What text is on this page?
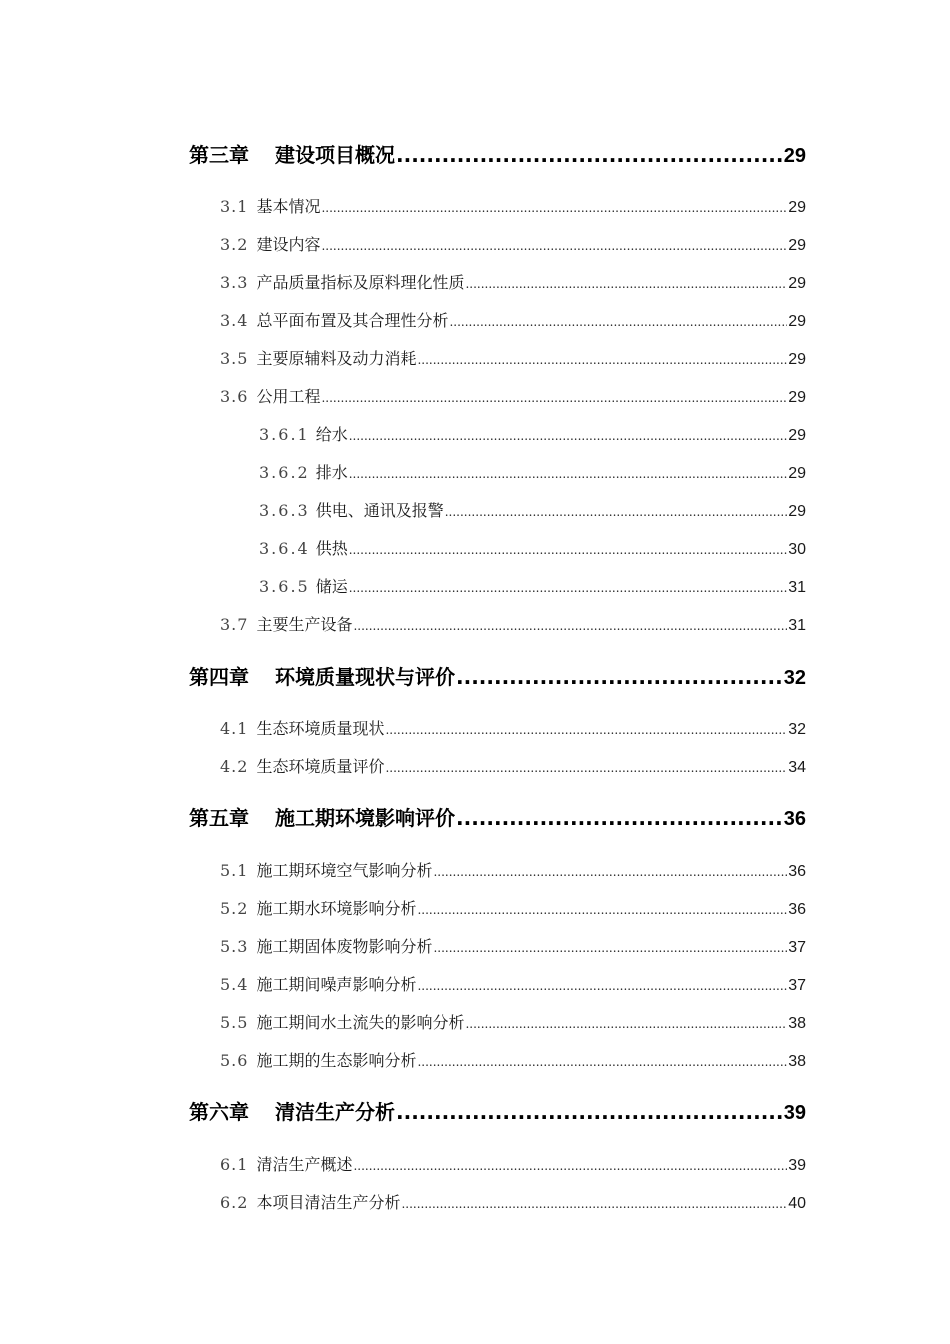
第三章 建设项目概况 .....	29
3.1 基本情况 .....	29
3.2 建设内容 .....	29
3.3 产品质量指标及原料理化性质 .....	29
3.4 总平面布置及其合理性分析 .....	29
3.5 主要原辅料及动力消耗 .....	29
3.6 公用工程 .....	29
3.6.1 给水 .....	29
3.6.2 排水 .....	29
3.6.3 供电、通讯及报警 .....	29
3.6.4 供热 .....	30
3.6.5 储运 .....	31
3.7 主要生产设备 .....	31
第四章 环境质量现状与评价 .....	32
4.1 生态环境质量现状 .....	32
4.2 生态环境质量评价 .....	34
第五章 施工期环境影响评价 .....	36
5.1 施工期环境空气影响分析 .....	36
5.2 施工期水环境影响分析 .....	36
5.3 施工期固体废物影响分析 .....	37
5.4 施工期间噪声影响分析 .....	37
5.5 施工期间水土流失的影响分析 .....	38
5.6 施工期的生态影响分析 .....	38
第六章 清洁生产分析 .....	39
6.1 清洁生产概述 .....	39
6.2 本项目清洁生产分析 .....	40
